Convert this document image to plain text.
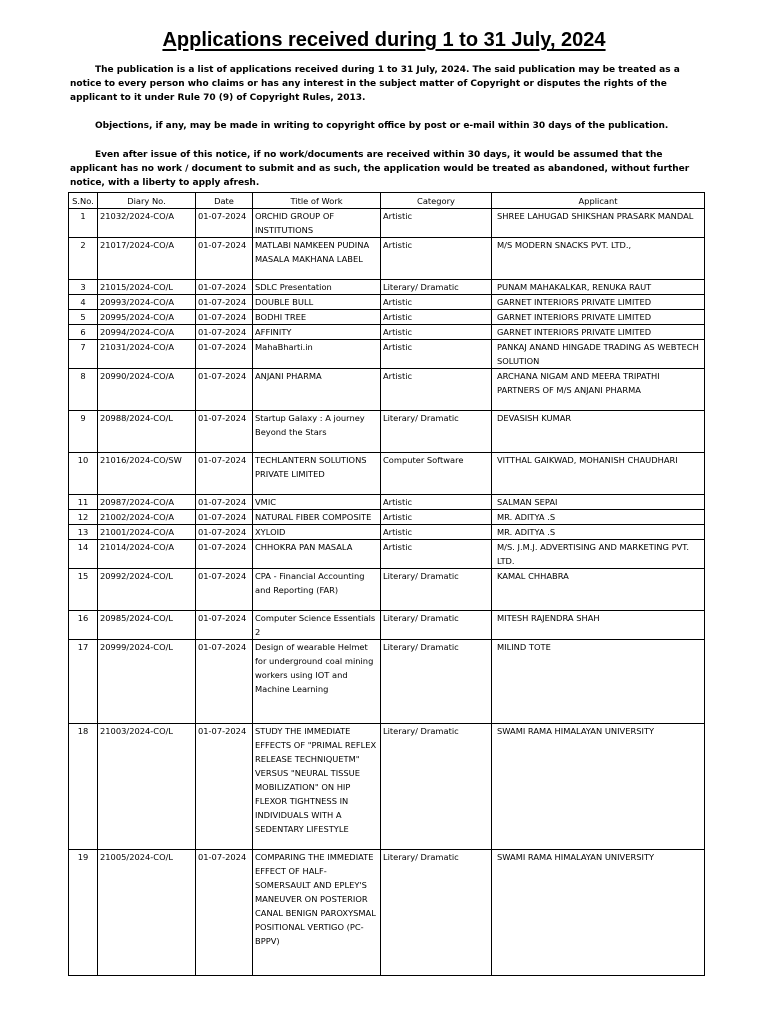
Applications received during 1 to 31 July, 2024

The publication is a list of applications received during 1 to 31 July, 2024. The said publication may be treated as a notice to every person who claims or has any interest in the subject matter of Copyright or disputes the rights of the applicant to it under Rule 70 (9) of Copyright Rules, 2013.

Objections, if any, may be made in writing to copyright office by post or e-mail within 30 days of the publication.

Even after issue of this notice, if no work/documents are received within 30 days, it would be assumed that the applicant has no work / document to submit and as such, the application would be treated as abandoned, without further notice, with a liberty to apply afresh.

S.No.	Diary No.	Date	Title of Work	Category	Applicant
1	21032/2024-CO/A	01-07-2024	ORCHID GROUP OF INSTITUTIONS	Artistic	SHREE LAHUGAD SHIKSHAN PRASARK MANDAL
2	21017/2024-CO/A	01-07-2024	MATLABI NAMKEEN PUDINA MASALA MAKHANA LABEL	Artistic	M/S MODERN SNACKS PVT. LTD.,
3	21015/2024-CO/L	01-07-2024	SDLC Presentation	Literary/ Dramatic	PUNAM MAHAKALKAR, RENUKA RAUT
4	20993/2024-CO/A	01-07-2024	DOUBLE BULL	Artistic	GARNET INTERIORS PRIVATE LIMITED
5	20995/2024-CO/A	01-07-2024	BODHI TREE	Artistic	GARNET INTERIORS PRIVATE LIMITED
6	20994/2024-CO/A	01-07-2024	AFFINITY	Artistic	GARNET INTERIORS PRIVATE LIMITED
7	21031/2024-CO/A	01-07-2024	MahaBharti.in	Artistic	PANKAJ ANAND HINGADE TRADING AS WEBTECH SOLUTION
8	20990/2024-CO/A	01-07-2024	ANJANI PHARMA	Artistic	ARCHANA NIGAM AND MEERA TRIPATHI PARTNERS OF M/S ANJANI PHARMA
9	20988/2024-CO/L	01-07-2024	Startup Galaxy : A journey Beyond the Stars	Literary/ Dramatic	DEVASISH KUMAR
10	21016/2024-CO/SW	01-07-2024	TECHLANTERN SOLUTIONS PRIVATE LIMITED	Computer Software	VITTHAL GAIKWAD, MOHANISH CHAUDHARI
11	20987/2024-CO/A	01-07-2024	VMIC	Artistic	SALMAN SEPAI
12	21002/2024-CO/A	01-07-2024	NATURAL FIBER COMPOSITE	Artistic	MR. ADITYA .S
13	21001/2024-CO/A	01-07-2024	XYLOID	Artistic	MR. ADITYA .S
14	21014/2024-CO/A	01-07-2024	CHHOKRA PAN MASALA	Artistic	M/S. J.M.J. ADVERTISING AND MARKETING PVT. LTD.
15	20992/2024-CO/L	01-07-2024	CPA - Financial Accounting and Reporting (FAR)	Literary/ Dramatic	KAMAL CHHABRA
16	20985/2024-CO/L	01-07-2024	Computer Science Essentials 2	Literary/ Dramatic	MITESH RAJENDRA SHAH
17	20999/2024-CO/L	01-07-2024	Design of wearable Helmet for underground coal mining workers using IOT and Machine Learning	Literary/ Dramatic	MILIND TOTE
18	21003/2024-CO/L	01-07-2024	STUDY THE IMMEDIATE EFFECTS OF "PRIMAL REFLEX RELEASE TECHNIQUETM" VERSUS "NEURAL TISSUE MOBILIZATION" ON HIP FLEXOR TIGHTNESS IN INDIVIDUALS WITH A SEDENTARY LIFESTYLE	Literary/ Dramatic	SWAMI RAMA HIMALAYAN UNIVERSITY
19	21005/2024-CO/L	01-07-2024	COMPARING THE IMMEDIATE EFFECT OF HALF-SOMERSAULT AND EPLEY'S MANEUVER ON POSTERIOR CANAL BENIGN PAROXYSMAL POSITIONAL VERTIGO (PC-BPPV)	Literary/ Dramatic	SWAMI RAMA HIMALAYAN UNIVERSITY
